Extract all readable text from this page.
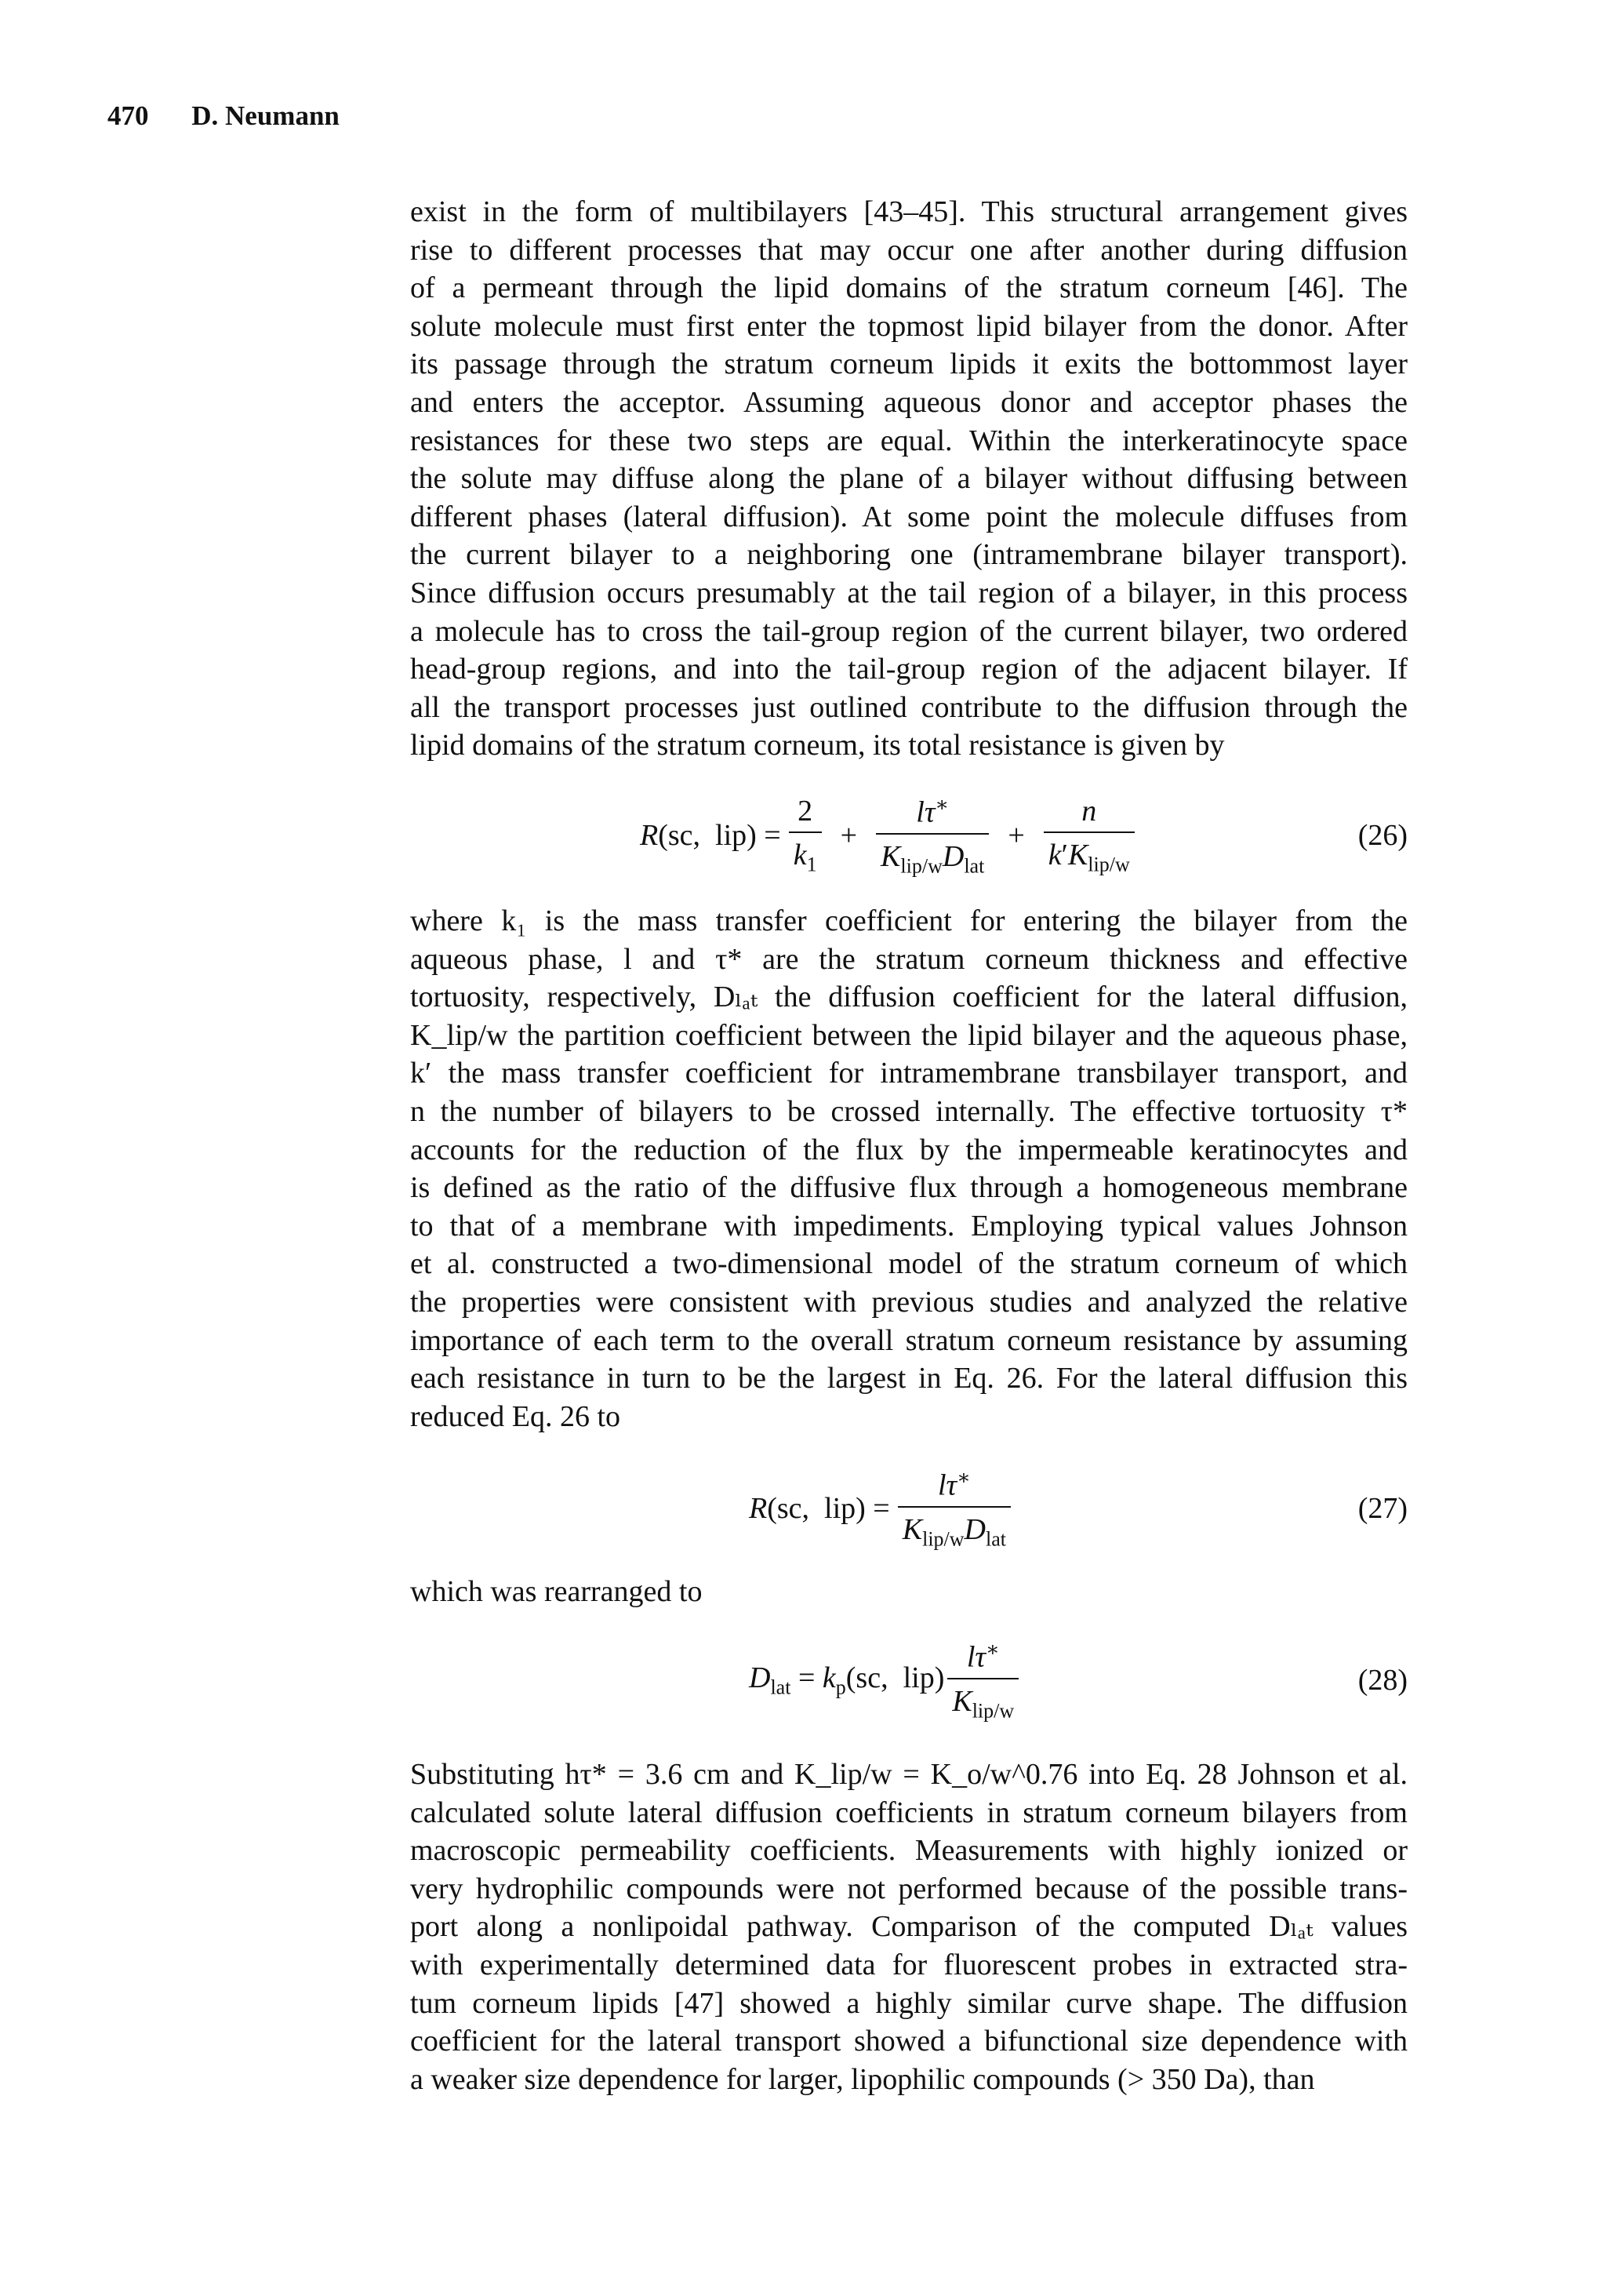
470 D. Neumann

exist in the form of multibilayers [43–45]. This structural arrangement gives
rise to different processes that may occur one after another during diffusion
of a permeant through the lipid domains of the stratum corneum [46]. The
solute molecule must first enter the topmost lipid bilayer from the donor. After
its passage through the stratum corneum lipids it exits the bottommost layer
and enters the acceptor. Assuming aqueous donor and acceptor phases the
resistances for these two steps are equal. Within the interkeratinocyte space
the solute may diffuse along the plane of a bilayer without diffusing between
different phases (lateral diffusion). At some point the molecule diffuses from
the current bilayer to a neighboring one (intramembrane bilayer transport).
Since diffusion occurs presumably at the tail region of a bilayer, in this process
a molecule has to cross the tail-group region of the current bilayer, two ordered
head-group regions, and into the tail-group region of the adjacent bilayer. If
all the transport processes just outlined contribute to the diffusion through the
lipid domains of the stratum corneum, its total resistance is given by

R(sc,  $lip) = \frac{2}{k_1} + \frac{l\tau^∗}{K_{lip/w}D_{lat}} + \frac{n}{k'K_{lip/w}}$	(26)

where k₁ is the mass transfer coefficient for entering the bilayer from the
aqueous phase, l and τ* are the stratum corneum thickness and effective
tortuosity, respectively, Dₗₐₜ the diffusion coefficient for the lateral diffusion,
K_lip/w the partition coefficient between the lipid bilayer and the aqueous phase,
k′ the mass transfer coefficient for intramembrane transbilayer transport, and
n the number of bilayers to be crossed internally. The effective tortuosity τ*
accounts for the reduction of the flux by the impermeable keratinocytes and
is defined as the ratio of the diffusive flux through a homogeneous membrane
to that of a membrane with impediments. Employing typical values Johnson
et al. constructed a two-dimensional model of the stratum corneum of which
the properties were consistent with previous studies and analyzed the relative
importance of each term to the overall stratum corneum resistance by assuming
each resistance in turn to be the largest in Eq. 26. For the lateral diffusion this
reduced Eq. 26 to

R(sc,  $lip) = \frac{l\tau^∗}{K_{lip/w}D_{lat}}$	(27)

which was rearranged to

$D_{lat} = k_p(sc$,  $lip) \frac{l\tau^∗}{K_{lip/w}}$	(28)

Substituting hτ* = 3.6 cm and K_lip/w = K_o/w^0.76 into Eq. 28 Johnson et al.
calculated solute lateral diffusion coefficients in stratum corneum bilayers from
macroscopic permeability coefficients. Measurements with highly ionized or
very hydrophilic compounds were not performed because of the possible trans-
port along a nonlipoidal pathway. Comparison of the computed Dₗₐₜ values
with experimentally determined data for fluorescent probes in extracted stra-
tum corneum lipids [47] showed a highly similar curve shape. The diffusion
coefficient for the lateral transport showed a bifunctional size dependence with
a weaker size dependence for larger, lipophilic compounds (> 350 Da), than
